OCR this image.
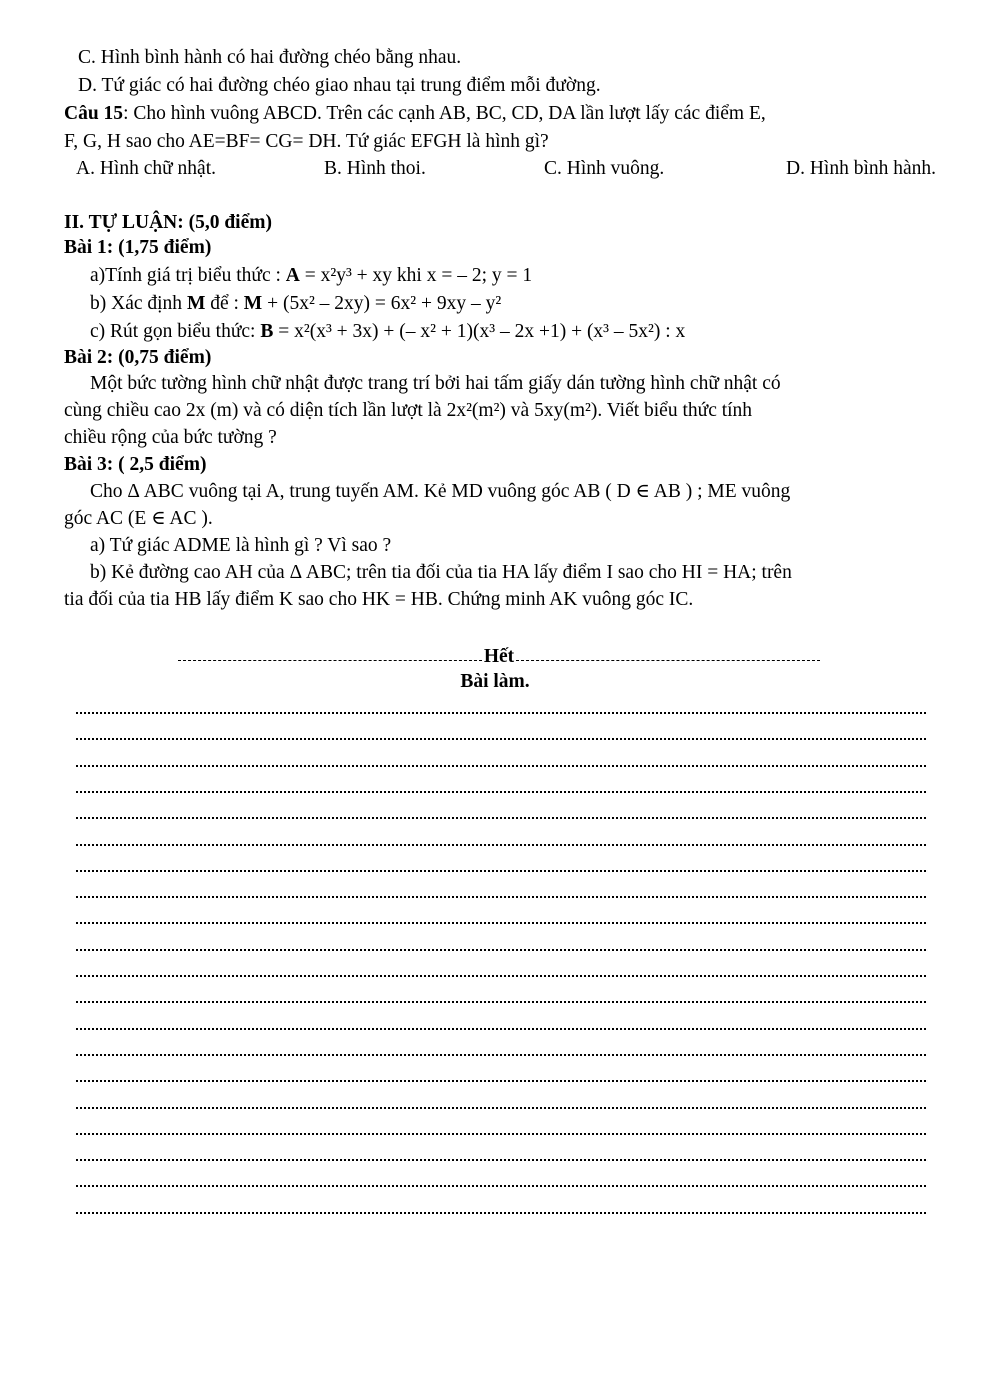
C. Hình bình hành có hai đường chéo bằng nhau.
D. Tứ giác có hai đường chéo giao nhau tại trung điểm mỗi đường.
Câu 15: Cho hình vuông ABCD. Trên các cạnh AB, BC, CD, DA lần lượt lấy các điểm E,
F, G, H sao cho AE=BF= CG= DH. Tứ giác EFGH là hình gì?
A. Hình chữ nhật.	B. Hình thoi.	C. Hình vuông.	D. Hình bình hành.
II. TỰ LUẬN: (5,0 điểm)
Bài 1: (1,75 điểm)
a)Tính giá trị biểu thức : A = x²y³ + xy khi x = – 2; y = 1
b) Xác định M để : M + (5x² – 2xy) = 6x² + 9xy – y²
c) Rút gọn biểu thức: B = x²(x³ + 3x) + (– x² + 1)(x³ – 2x +1) + (x³ – 5x²) : x
Bài 2: (0,75 điểm)
Một bức tường hình chữ nhật được trang trí bởi hai tấm giấy dán tường hình chữ nhật có
cùng chiều cao 2x (m) và có diện tích lần lượt là 2x²(m²) và 5xy(m²). Viết biểu thức tính
chiều rộng của bức tường ?
Bài 3: ( 2,5 điểm)
Cho Δ ABC vuông tại A, trung tuyến AM. Kẻ MD vuông góc AB ( D ∈ AB ) ; ME vuông
góc AC (E ∈ AC ).
a) Tứ giác ADME là hình gì ? Vì sao ?
b) Kẻ đường cao AH của Δ ABC; trên tia đối của tia HA lấy điểm I sao cho HI = HA; trên
tia đối của tia HB lấy điểm K sao cho HK = HB. Chứng minh AK vuông góc IC.
Hết
Bài làm.
